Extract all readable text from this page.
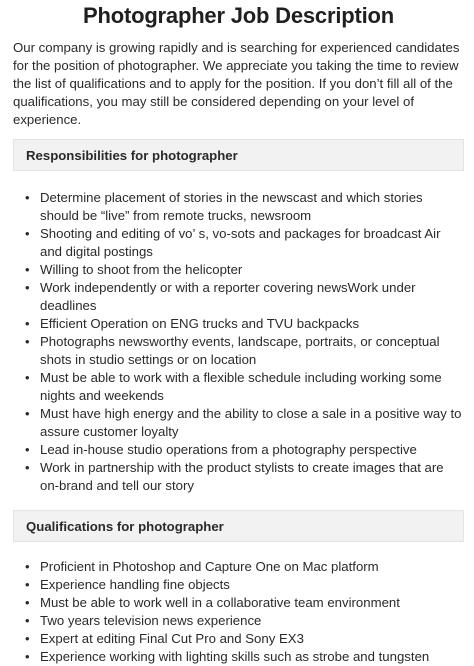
Photographer Job Description

Our company is growing rapidly and is searching for experienced candidates for the position of photographer. We appreciate you taking the time to review the list of qualifications and to apply for the position. If you don’t fill all of the qualifications, you may still be considered depending on your level of experience.

Responsibilities for photographer
• Determine placement of stories in the newscast and which stories should be “live” from remote trucks, newsroom
• Shooting and editing of vo’ s, vo-sots and packages for broadcast Air and digital postings
• Willing to shoot from the helicopter
• Work independently or with a reporter covering newsWork under deadlines
• Efficient Operation on ENG trucks and TVU backpacks
• Photographs newsworthy events, landscape, portraits, or conceptual shots in studio settings or on location
• Must be able to work with a flexible schedule including working some nights and weekends
• Must have high energy and the ability to close a sale in a positive way to assure customer loyalty
• Lead in-house studio operations from a photography perspective
• Work in partnership with the product stylists to create images that are on-brand and tell our story
Qualifications for photographer
• Proficient in Photoshop and Capture One on Mac platform
• Experience handling fine objects
• Must be able to work well in a collaborative team environment
• Two years television news experience
• Expert at editing Final Cut Pro and Sony EX3
• Experience working with lighting skills such as strobe and tungsten
